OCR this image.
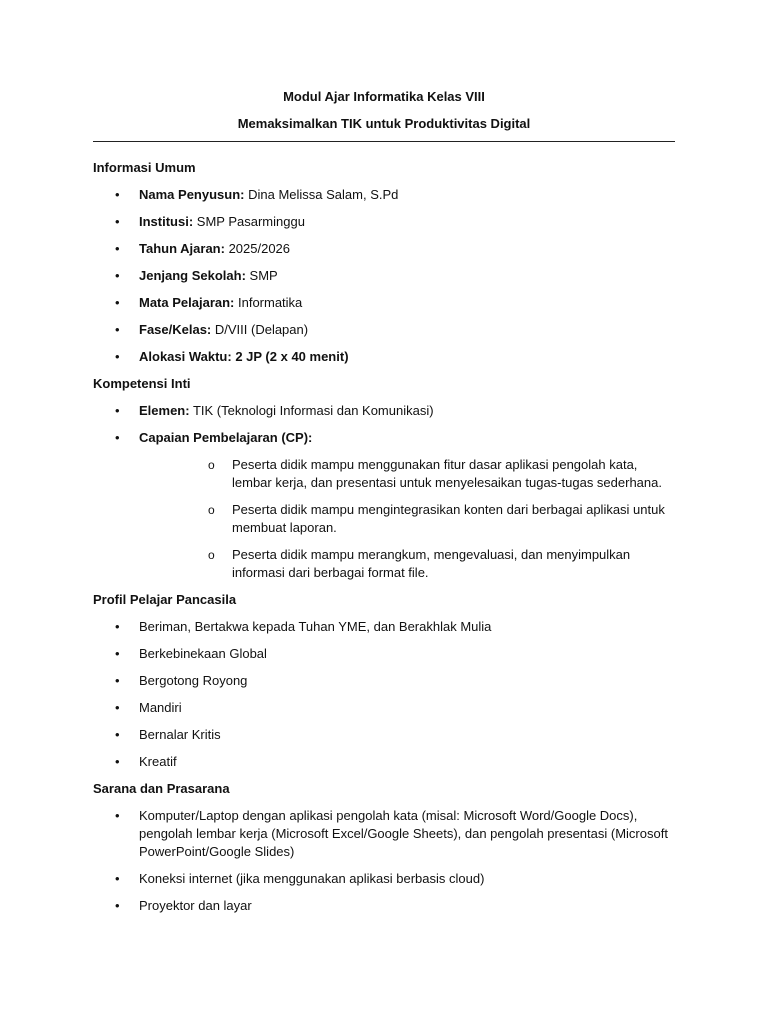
Modul Ajar Informatika Kelas VIII
Memaksimalkan TIK untuk Produktivitas Digital
Informasi Umum
• Nama Penyusun: Dina Melissa Salam, S.Pd
• Institusi: SMP Pasarminggu
• Tahun Ajaran: 2025/2026
• Jenjang Sekolah: SMP
• Mata Pelajaran: Informatika
• Fase/Kelas: D/VIII (Delapan)
• Alokasi Waktu: 2 JP (2 x 40 menit)
Kompetensi Inti
• Elemen: TIK (Teknologi Informasi dan Komunikasi)
• Capaian Pembelajaran (CP):
o Peserta didik mampu menggunakan fitur dasar aplikasi pengolah kata, lembar kerja, dan presentasi untuk menyelesaikan tugas-tugas sederhana.
o Peserta didik mampu mengintegrasikan konten dari berbagai aplikasi untuk membuat laporan.
o Peserta didik mampu merangkum, mengevaluasi, dan menyimpulkan informasi dari berbagai format file.
Profil Pelajar Pancasila
• Beriman, Bertakwa kepada Tuhan YME, dan Berakhlak Mulia
• Berkebinekaan Global
• Bergotong Royong
• Mandiri
• Bernalar Kritis
• Kreatif
Sarana dan Prasarana
• Komputer/Laptop dengan aplikasi pengolah kata (misal: Microsoft Word/Google Docs), pengolah lembar kerja (Microsoft Excel/Google Sheets), dan pengolah presentasi (Microsoft PowerPoint/Google Slides)
• Koneksi internet (jika menggunakan aplikasi berbasis cloud)
• Proyektor dan layar
